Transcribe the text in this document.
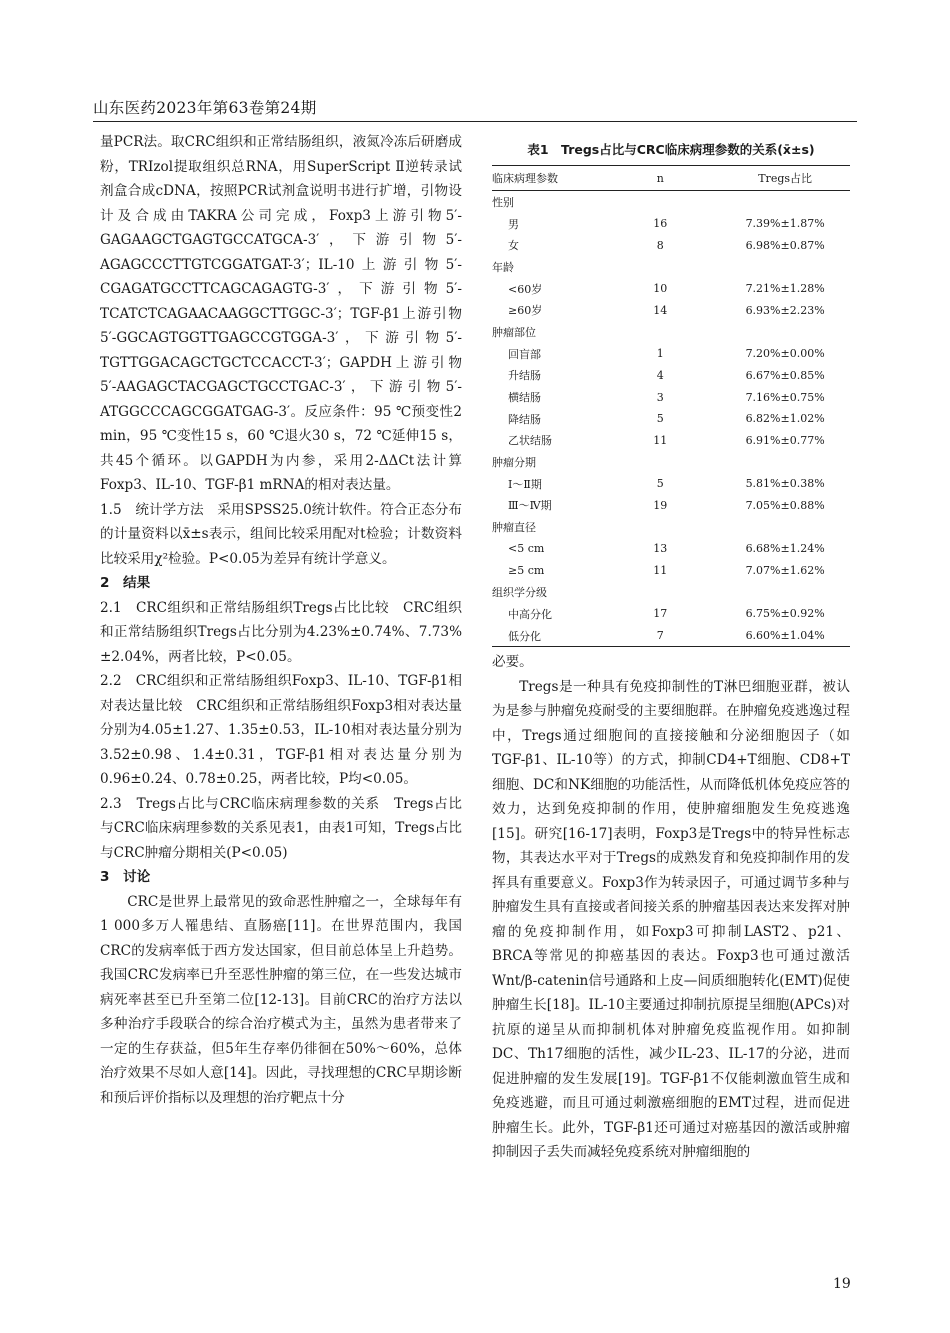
山东医药2023年第63卷第24期

量PCR法。取CRC组织和正常结肠组织，液氮冷冻后研磨成粉，TRIzol提取组织总RNA，用SuperScript Ⅱ逆转录试剂盒合成cDNA，按照PCR试剂盒说明书进行扩增，引物设计及合成由TAKRA公司完成，Foxp3上游引物5′-GAGAAGCTGAGTGCCATGCA-3′，下游引物5′-AGAGCCCTTGTCGGATGAT-3′；IL-10上游引物5′-CGAGATGCCTTCAGCAGAGTG-3′，下游引物5′-TCATCTCAGAACAAGGCTTGGC-3′；TGF-β1上游引物5′-GGCAGTGGTTGAGCCGTGGA-3′，下游引物5′-TGTTGGACAGCTGCTCCACCT-3′；GAPDH上游引物5′-AAGAGCTACGAGCTGCCTGAC-3′，下游引物5′-ATGGCCCAGCGGATGAG-3′。反应条件：95 ℃预变性2 min，95 ℃变性15 s，60 ℃退火30 s，72 ℃延伸15 s，共45个循环。以GAPDH为内参，采用2-ΔΔCt法计算Foxp3、IL-10、TGF-β1 mRNA的相对表达量。

1.5　统计学方法　采用SPSS25.0统计软件。符合正态分布的计量资料以x̄±s表示，组间比较采用配对t检验；计数资料比较采用χ²检验。P<0.05为差异有统计学意义。

2　结果

2.1　CRC组织和正常结肠组织Tregs占比比较　CRC组织和正常结肠组织Tregs占比分别为4.23%±0.74%、7.73%±2.04%，两者比较，P<0.05。

2.2　CRC组织和正常结肠组织Foxp3、IL-10、TGF-β1相对表达量比较　CRC组织和正常结肠组织Foxp3相对表达量分别为4.05±1.27、1.35±0.53，IL-10相对表达量分别为3.52±0.98、1.4±0.31，TGF-β1相对表达量分别为0.96±0.24、0.78±0.25，两者比较，P均<0.05。

2.3　Tregs占比与CRC临床病理参数的关系　Tregs占比与CRC临床病理参数的关系见表1，由表1可知，Tregs占比与CRC肿瘤分期相关(P<0.05)

3　讨论

CRC是世界上最常见的致命恶性肿瘤之一，全球每年有1 000多万人罹患结、直肠癌[11]。在世界范围内，我国CRC的发病率低于西方发达国家，但目前总体呈上升趋势。我国CRC发病率已升至恶性肿瘤的第三位，在一些发达城市病死率甚至已升至第二位[12-13]。目前CRC的治疗方法以多种治疗手段联合的综合治疗模式为主，虽然为患者带来了一定的生存获益，但5年生存率仍徘徊在50%～60%，总体治疗效果不尽如人意[14]。因此，寻找理想的CRC早期诊断和预后评价指标以及理想的治疗靶点十分

表1　Tregs占比与CRC临床病理参数的关系(x̄±s)
临床病理参数	n	Tregs占比
性别		
男	16	7.39%±1.87%
女	8	6.98%±0.87%
年龄		
<60岁	10	7.21%±1.28%
≥60岁	14	6.93%±2.23%
肿瘤部位		
回盲部	1	7.20%±0.00%
升结肠	4	6.67%±0.85%
横结肠	3	7.16%±0.75%
降结肠	5	6.82%±1.02%
乙状结肠	11	6.91%±0.77%
肿瘤分期		
Ⅰ～Ⅱ期	5	5.81%±0.38%
Ⅲ～Ⅳ期	19	7.05%±0.88%
肿瘤直径		
<5 cm	13	6.68%±1.24%
≥5 cm	11	7.07%±1.62%
组织学分级		
中高分化	17	6.75%±0.92%
低分化	7	6.60%±1.04%

必要。

Tregs是一种具有免疫抑制性的T淋巴细胞亚群，被认为是参与肿瘤免疫耐受的主要细胞群。在肿瘤免疫逃逸过程中，Tregs通过细胞间的直接接触和分泌细胞因子（如TGF-β1、IL-10等）的方式，抑制CD4+T细胞、CD8+T细胞、DC和NK细胞的功能活性，从而降低机体免疫应答的效力，达到免疫抑制的作用，使肿瘤细胞发生免疫逃逸[15]。研究[16-17]表明，Foxp3是Tregs中的特异性标志物，其表达水平对于Tregs的成熟发育和免疫抑制作用的发挥具有重要意义。Foxp3作为转录因子，可通过调节多种与肿瘤发生具有直接或者间接关系的肿瘤基因表达来发挥对肿瘤的免疫抑制作用，如Foxp3可抑制LAST2、p21、BRCA等常见的抑癌基因的表达。Foxp3也可通过激活Wnt/β-catenin信号通路和上皮—间质细胞转化(EMT)促使肿瘤生长[18]。IL-10主要通过抑制抗原提呈细胞(APCs)对抗原的递呈从而抑制机体对肿瘤免疫监视作用。如抑制DC、Th17细胞的活性，减少IL-23、IL-17的分泌，进而促进肿瘤的发生发展[19]。TGF-β1不仅能刺激血管生成和免疫逃避，而且可通过刺激癌细胞的EMT过程，进而促进肿瘤生长。此外，TGF-β1还可通过对癌基因的激活或肿瘤抑制因子丢失而减轻免疫系统对肿瘤细胞的

19
